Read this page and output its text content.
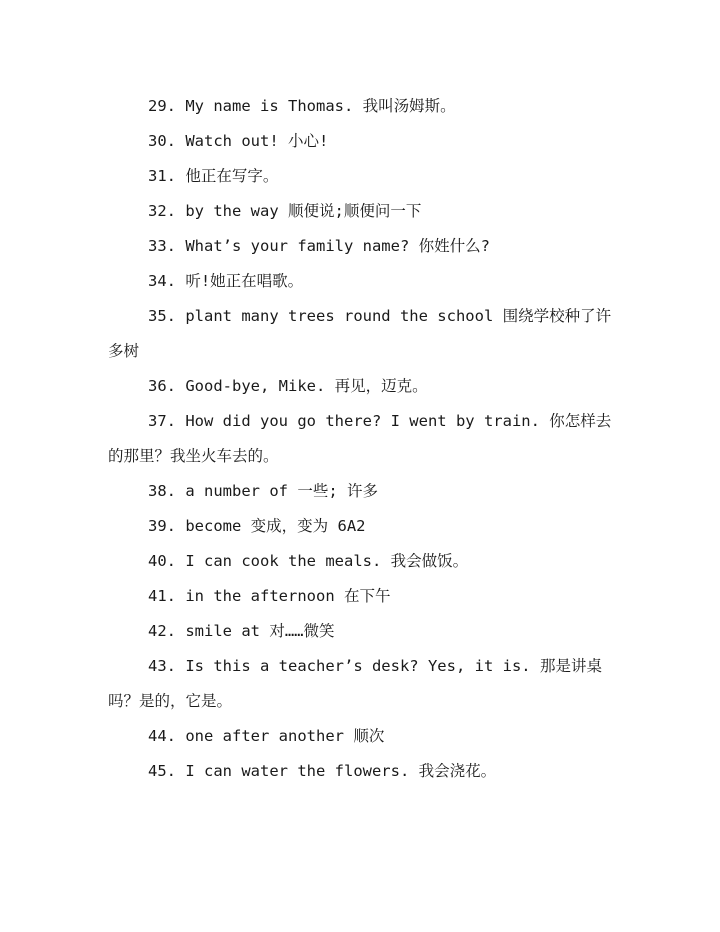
29. My name is Thomas. 我叫汤姆斯。

30. Watch out! 小心!

31. 他正在写字。

32. by the way 顺便说;顺便问一下

33. What’s your family name? 你姓什么?

34. 听!她正在唱歌。

35. plant many trees round the school 围绕学校种了许多树

36. Good-bye, Mike. 再见，迈克。

37. How did you go there? I went by train. 你怎样去的那里？我坐火车去的。

38. a number of 一些; 许多

39. become 变成，变为 6A2

40. I can cook the meals. 我会做饭。

41. in the afternoon 在下午

42. smile at 对……微笑

43. Is this a teacher’s desk? Yes, it is. 那是讲桌吗？是的，它是。

44. one after another 顺次

45. I can water the flowers. 我会浇花。
